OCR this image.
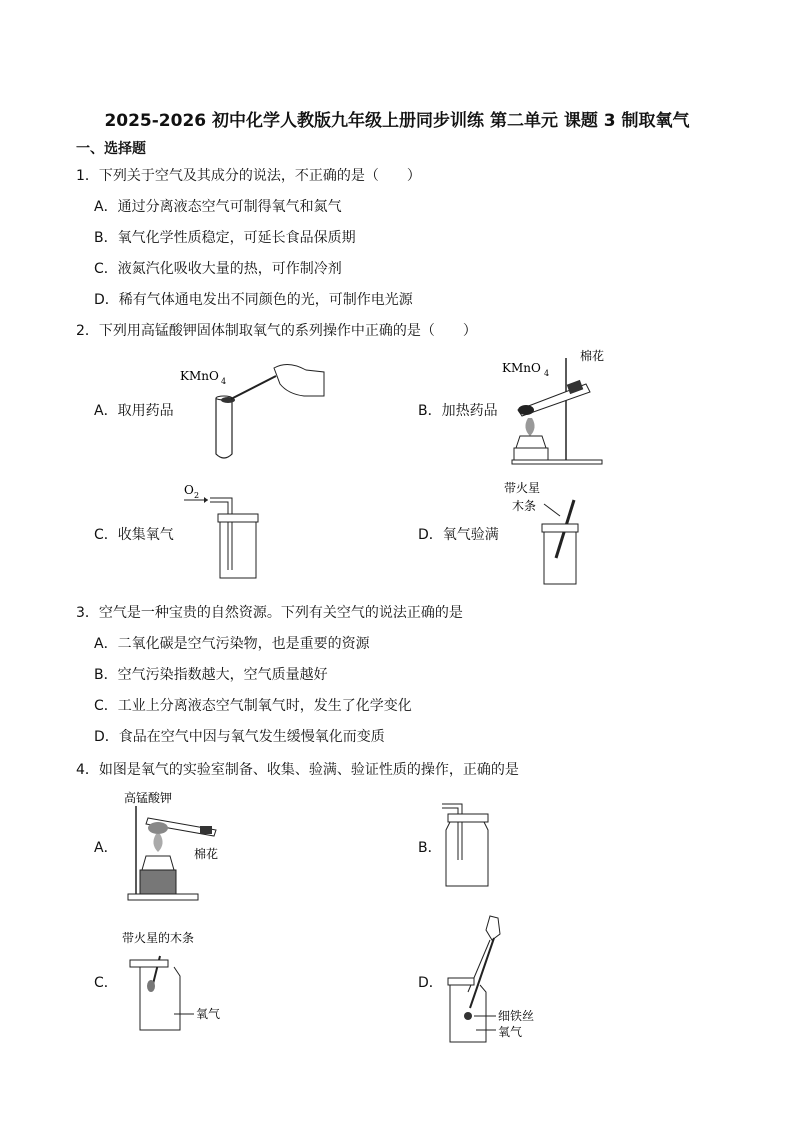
2025-2026 初中化学人教版九年级上册同步训练 第二单元 课题 3 制取氧气
一、选择题
1．下列关于空气及其成分的说法，不正确的是（　　）
A．通过分离液态空气可制得氧气和氮气
B．氧气化学性质稳定，可延长食品保质期
C．液氮汽化吸收大量的热，可作制冷剂
D．稀有气体通电发出不同颜色的光，可制作电光源
2．下列用高锰酸钾固体制取氧气的系列操作中正确的是（　　）
A．取用药品	B．加热药品
C．收集氧气	D．氧气验满
KMnO 4
KMnO 4
棉花
O 2
带火星
木条
3．空气是一种宝贵的自然资源。下列有关空气的说法正确的是
A．二氧化碳是空气污染物，也是重要的资源
B．空气污染指数越大，空气质量越好
C．工业上分离液态空气制氧气时，发生了化学变化
D．食品在空气中因与氧气发生缓慢氧化而变质
4．如图是氧气的实验室制备、收集、验满、验证性质的操作，正确的是
A．	B．
C．	D．
高锰酸钾
棉花
带火星的木条
氧气	细铁丝
氧气
